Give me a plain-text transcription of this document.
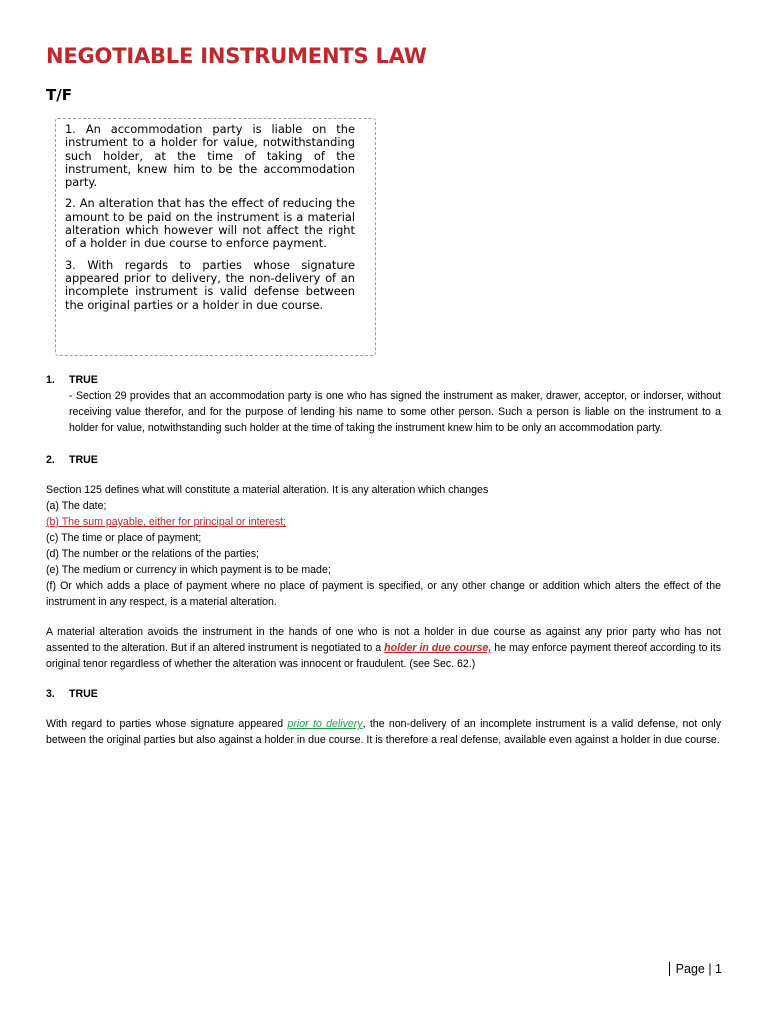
NEGOTIABLE INSTRUMENTS LAW
T/F

1. An accommodation party is liable on the instrument to a holder for value, notwithstanding such holder, at the time of taking of the instrument, knew him to be the accommodation party.

2. An alteration that has the effect of reducing the amount to be paid on the instrument is a material alteration which however will not affect the right of a holder in due course to enforce payment.

3. With regards to parties whose signature appeared prior to delivery, the non-delivery of an incomplete instrument is valid defense between the original parties or a holder in due course.

1.	TRUE

- Section 29 provides that an accommodation party is one who has signed the instrument as maker, drawer, acceptor, or indorser, without receiving value therefor, and for the purpose of lending his name to some other person. Such a person is liable on the instrument to a holder for value, notwithstanding such holder at the time of taking the instrument knew him to be only an accommodation party.

2.	TRUE

Section 125 defines what will constitute a material alteration. It is any alteration which changes

(a) The date;

(b) The sum payable, either for principal or interest;

(c) The time or place of payment;

(d) The number or the relations of the parties;

(e) The medium or currency in which payment is to be made;

(f) Or which adds a place of payment where no place of payment is specified, or any other change or addition which alters the effect of the instrument in any respect, is a material alteration.

A material alteration avoids the instrument in the hands of one who is not a holder in due course as against any prior party who has not assented to the alteration. But if an altered instrument is negotiated to a holder in due course, he may enforce payment thereof according to its original tenor regardless of whether the alteration was innocent or fraudulent. (see Sec. 62.)

3.	TRUE

With regard to parties whose signature appeared prior to delivery, the non-delivery of an incomplete instrument is a valid defense, not only between the original parties but also against a holder in due course. It is therefore a real defense, available even against a holder in due course.

Page | 1
